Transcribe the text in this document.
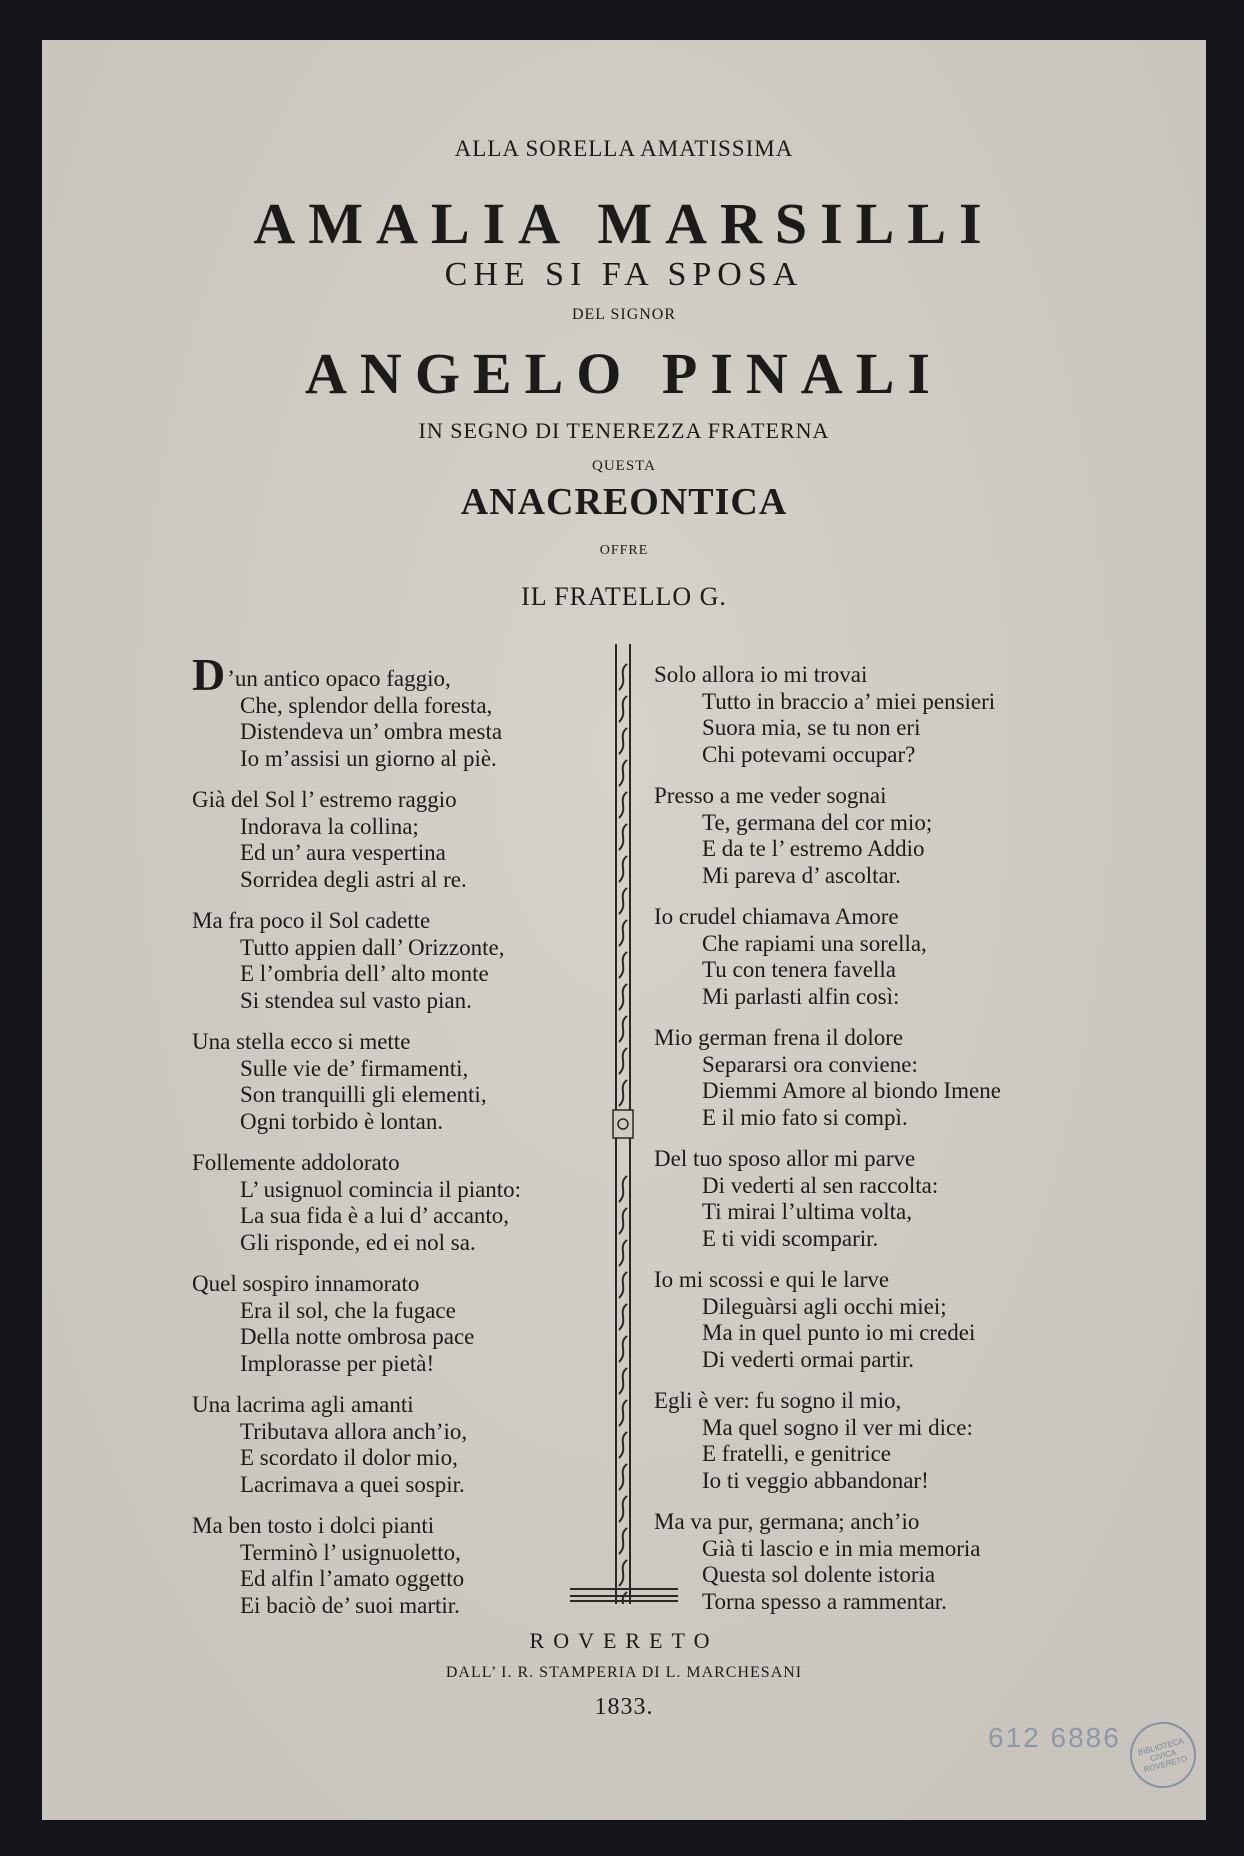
ALLA SORELLA AMATISSIMA
AMALIA MARSILLI
CHE SI FA SPOSA
DEL SIGNOR
ANGELO PINALI
IN SEGNO DI TENEREZZA FRATERNA
QUESTA
ANACREONTICA
OFFRE
IL FRATELLO G.
D’un antico opaco faggio,
Che, splendor della foresta,
Distendeva un’ ombra mesta
Io m’assisi un giorno al piè.
Già del Sol l’ estremo raggio
Indorava la collina;
Ed un’ aura vespertina
Sorridea degli astri al re.
Ma fra poco il Sol cadette
Tutto appien dall’ Orizzonte,
E l’ombria dell’ alto monte
Si stendea sul vasto pian.
Una stella ecco si mette
Sulle vie de’ firmamenti,
Son tranquilli gli elementi,
Ogni torbido è lontan.
Follemente addolorato
L’ usignuol comincia il pianto:
La sua fida è a lui d’ accanto,
Gli risponde, ed ei nol sa.
Quel sospiro innamorato
Era il sol, che la fugace
Della notte ombrosa pace
Implorasse per pietà!
Una lacrima agli amanti
Tributava allora anch’io,
E scordato il dolor mio,
Lacrimava a quei sospir.
Ma ben tosto i dolci pianti
Terminò l’ usignuoletto,
Ed alfin l’amato oggetto
Ei baciò de’ suoi martir.
Solo allora io mi trovai
Tutto in braccio a’ miei pensieri
Suora mia, se tu non eri
Chi potevami occupar?
Presso a me veder sognai
Te, germana del cor mio;
E da te l’ estremo Addio
Mi pareva d’ ascoltar.
Io crudel chiamava Amore
Che rapiami una sorella,
Tu con tenera favella
Mi parlasti alfin così:
Mio german frena il dolore
Separarsi ora conviene:
Diemmi Amore al biondo Imene
E il mio fato si compì.
Del tuo sposo allor mi parve
Di vederti al sen raccolta:
Ti mirai l’ultima volta,
E ti vidi scomparir.
Io mi scossi e qui le larve
Dileguàrsi agli occhi miei;
Ma in quel punto io mi credei
Di vederti ormai partir.
Egli è ver: fu sogno il mio,
Ma quel sogno il ver mi dice:
E fratelli, e genitrice
Io ti veggio abbandonar!
Ma va pur, germana; anch’io
Già ti lascio e in mia memoria
Questa sol dolente istoria
Torna spesso a rammentar.
ROVERETO
DALL’ I. R. STAMPERIA DI L. MARCHESANI
1833.
612 6886	BIBLIOTECA CIVICA ROVERETO
